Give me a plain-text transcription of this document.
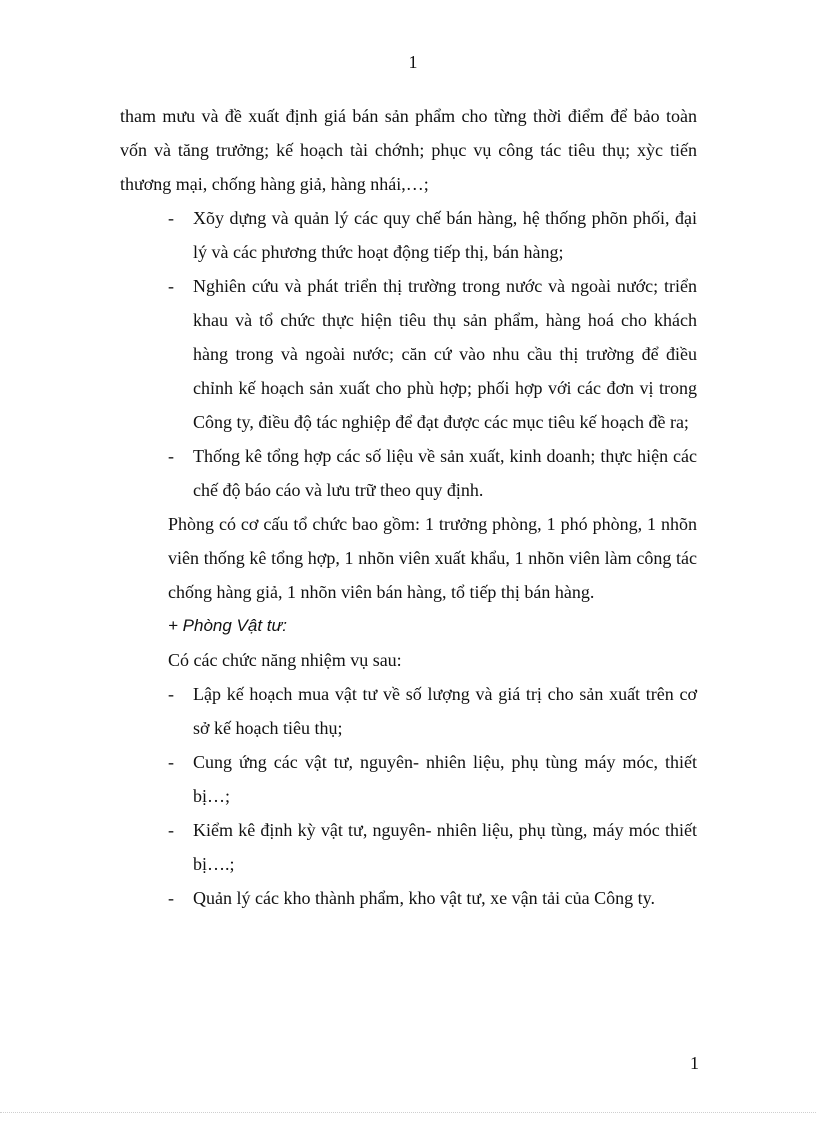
1

tham mưu và đề xuất định giá bán sản phẩm cho từng thời điểm để bảo toàn vốn và tăng trưởng; kế hoạch tài chớnh; phục vụ công tác tiêu thụ; xỳc tiến thương mại, chống hàng giả, hàng nhái,…;

- Xõy dựng và quản lý các quy chế bán hàng, hệ thống phõn phối, đại lý và các phương thức hoạt động tiếp thị, bán hàng;
- Nghiên cứu và phát triển thị trường trong nước và ngoài nước; triển khau và tổ chức thực hiện tiêu thụ sản phẩm, hàng hoá cho khách hàng trong và ngoài nước; căn cứ vào nhu cầu thị trường để điều chỉnh kế hoạch sản xuất cho phù hợp; phối hợp với các đơn vị trong Công ty, điều độ tác nghiệp để đạt được các mục tiêu kế hoạch đề ra;
- Thống kê tổng hợp các số liệu về sản xuất, kinh doanh; thực hiện các chế độ báo cáo và lưu trữ theo quy định.

Phòng có cơ cấu tổ chức bao gồm: 1 trưởng phòng, 1 phó phòng, 1 nhõn viên thống kê tổng hợp, 1 nhõn viên xuất khẩu, 1 nhõn viên làm công tác chống hàng giả, 1 nhõn viên bán hàng, tổ tiếp thị bán hàng.

+ Phòng Vật tư:

Có các chức năng nhiệm vụ sau:

- Lập kế hoạch mua vật tư về số lượng và giá trị cho sản xuất trên cơ sở kế hoạch tiêu thụ;
- Cung ứng các vật tư, nguyên- nhiên liệu, phụ tùng máy móc, thiết bị…;
- Kiểm kê định kỳ vật tư, nguyên- nhiên liệu, phụ tùng, máy móc thiết bị….;
- Quản lý các kho thành phẩm, kho vật tư, xe vận tải của Công ty.
1
